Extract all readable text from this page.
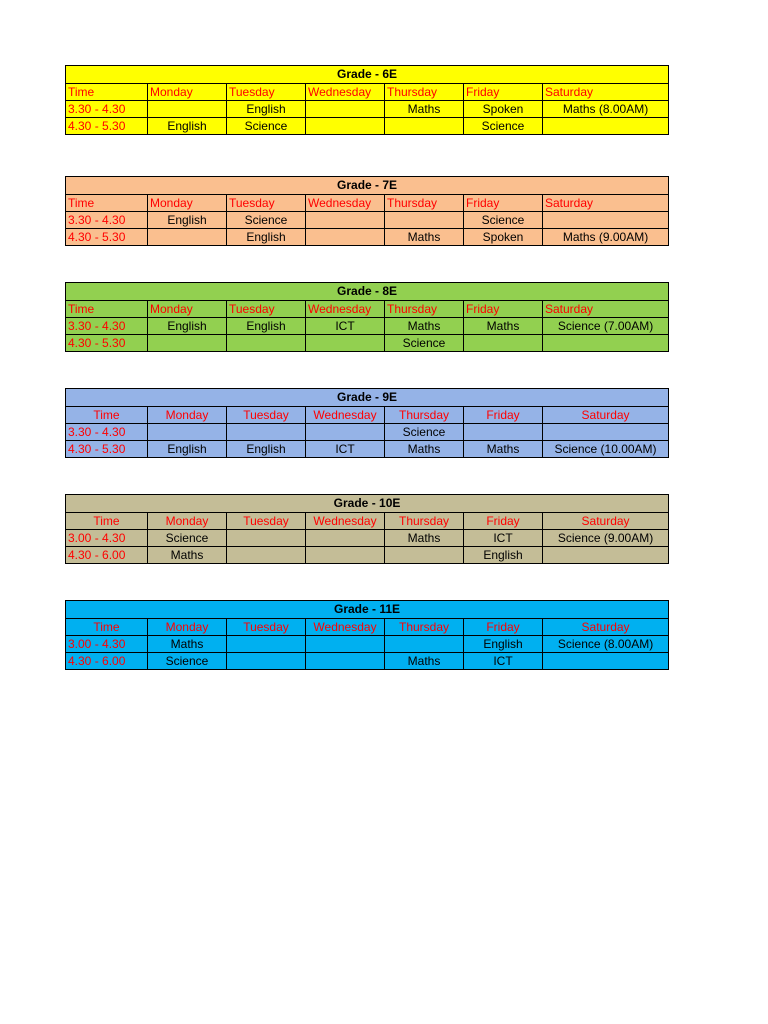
Grade - 6E						
Time	Monday	Tuesday	Wednesday	Thursday	Friday	Saturday
3.30 - 4.30		English		Maths	Spoken	Maths (8.00AM)
4.30 - 5.30	English	Science			Science	
Grade - 7E						
Time	Monday	Tuesday	Wednesday	Thursday	Friday	Saturday
3.30 - 4.30	English	Science			Science	
4.30 - 5.30		English		Maths	Spoken	Maths (9.00AM)
Grade - 8E						
Time	Monday	Tuesday	Wednesday	Thursday	Friday	Saturday
3.30 - 4.30	English	English	ICT	Maths	Maths	Science (7.00AM)
4.30 - 5.30				Science		
Grade - 9E						
Time	Monday	Tuesday	Wednesday	Thursday	Friday	Saturday
3.30 - 4.30				Science		
4.30 - 5.30	English	English	ICT	Maths	Maths	Science (10.00AM)
Grade - 10E						
Time	Monday	Tuesday	Wednesday	Thursday	Friday	Saturday
3.00 - 4.30	Science			Maths	ICT	Science (9.00AM)
4.30 - 6.00	Maths				English	
Grade - 11E						
Time	Monday	Tuesday	Wednesday	Thursday	Friday	Saturday
3.00 - 4.30	Maths				English	Science (8.00AM)
4.30 - 6.00	Science			Maths	ICT	
